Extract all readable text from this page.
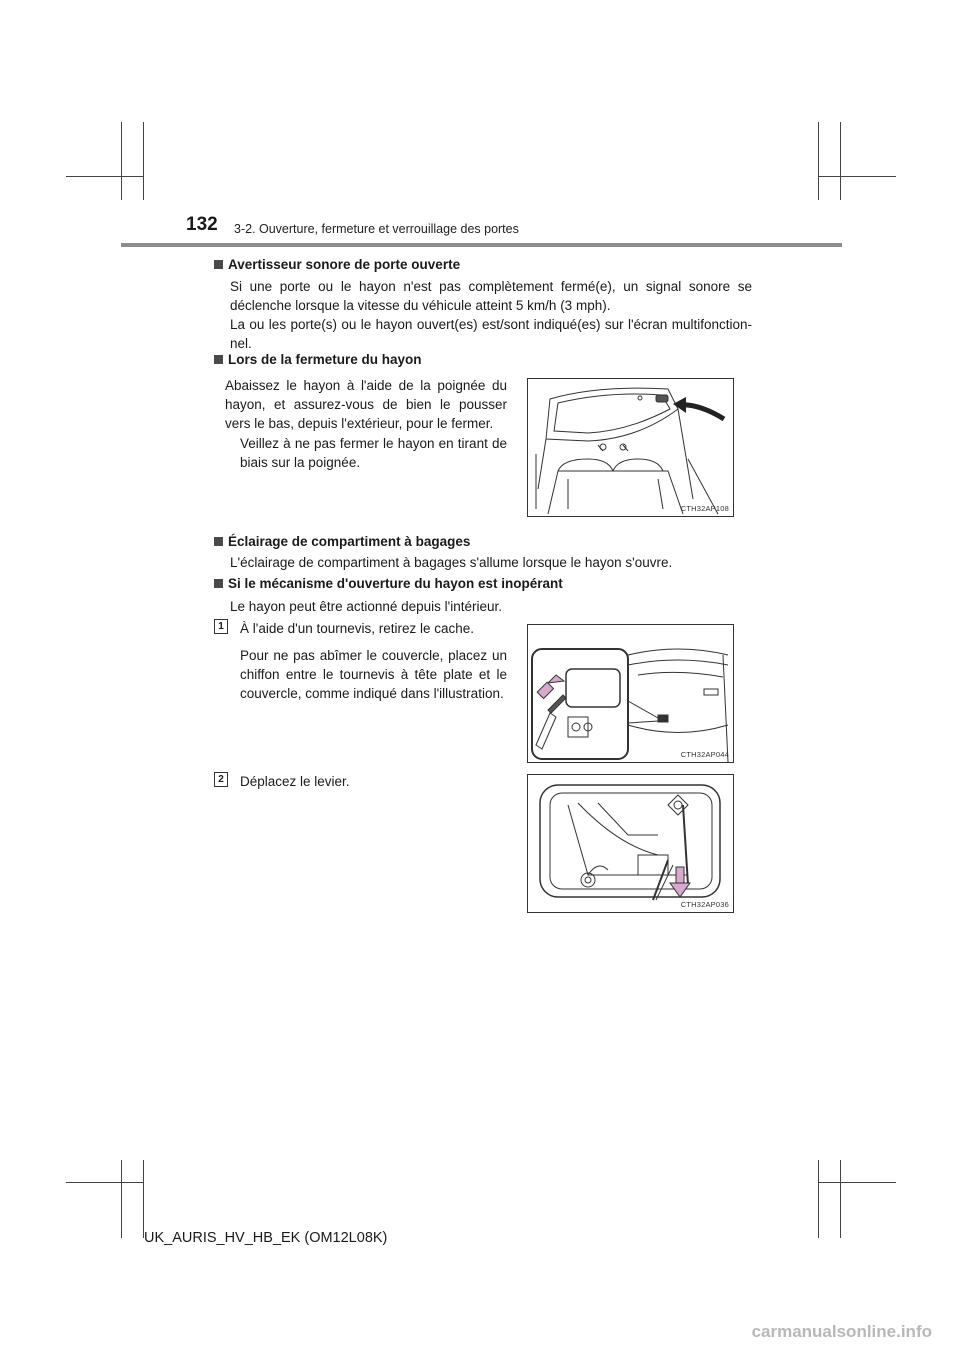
132 3-2. Ouverture, fermeture et verrouillage des portes
Avertisseur sonore de porte ouverte
Si une porte ou le hayon n'est pas complètement fermé(e), un signal sonore se déclenche lorsque la vitesse du véhicule atteint 5 km/h (3 mph).
La ou les porte(s) ou le hayon ouvert(es) est/sont indiqué(es) sur l'écran multifonction-nel.
Lors de la fermeture du hayon
Abaissez le hayon à l'aide de la poignée du hayon, et assurez-vous de bien le pousser vers le bas, depuis l'extérieur, pour le fermer.
Veillez à ne pas fermer le hayon en tirant de biais sur la poignée.
CTH32AP108
Éclairage de compartiment à bagages
L'éclairage de compartiment à bagages s'allume lorsque le hayon s'ouvre.
Si le mécanisme d'ouverture du hayon est inopérant
Le hayon peut être actionné depuis l'intérieur.
1	À l'aide d'un tournevis, retirez le cache.
Pour ne pas abîmer le couvercle, placez un chiffon entre le tournevis à tête plate et le couvercle, comme indiqué dans l'illustration.
CTH32AP044
2	Déplacez le levier.
CTH32AP036
UK_AURIS_HV_HB_EK (OM12L08K)
carmanualsonline.info
